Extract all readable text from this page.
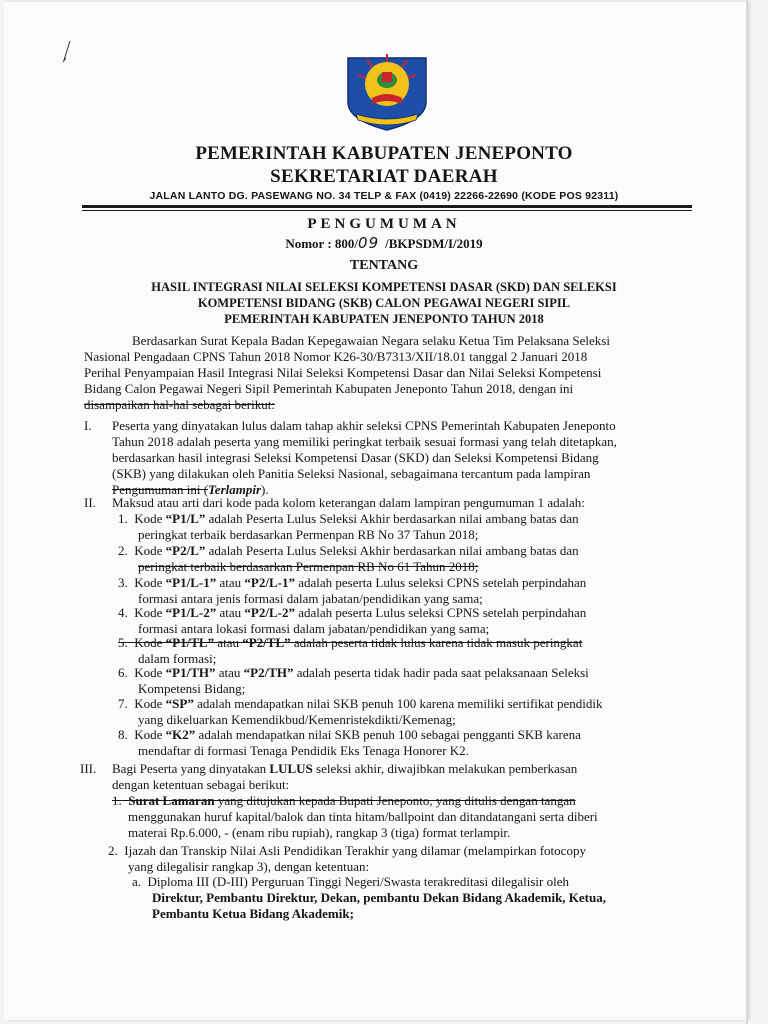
PEMERINTAH KABUPATEN JENEPONTO
SEKRETARIAT DAERAH
JALAN LANTO DG. PASEWANG NO. 34 TELP & FAX (0419) 22266-22690 (KODE POS 92311)
PENGUMUMAN
Nomor : 800/09 /BKPSDM/I/2019
TENTANG
HASIL INTEGRASI NILAI SELEKSI KOMPETENSI DASAR (SKD) DAN SELEKSI
KOMPETENSI BIDANG (SKB) CALON PEGAWAI NEGERI SIPIL
PEMERINTAH KABUPATEN JENEPONTO TAHUN 2018
Berdasarkan Surat Kepala Badan Kepegawaian Negara selaku Ketua Tim Pelaksana Seleksi
Nasional Pengadaan CPNS Tahun 2018 Nomor K26-30/B7313/XII/18.01 tanggal 2 Januari 2018
Perihal Penyampaian Hasil Integrasi Nilai Seleksi Kompetensi Dasar dan Nilai Seleksi Kompetensi
Bidang Calon Pegawai Negeri Sipil Pemerintah Kabupaten Jeneponto Tahun 2018, dengan ini
disampaikan hal-hal sebagai berikut:
I. Peserta yang dinyatakan lulus dalam tahap akhir seleksi CPNS Pemerintah Kabupaten Jeneponto
Tahun 2018 adalah peserta yang memiliki peringkat terbaik sesuai formasi yang telah ditetapkan,
berdasarkan hasil integrasi Seleksi Kompetensi Dasar (SKD) dan Seleksi Kompetensi Bidang
(SKB) yang dilakukan oleh Panitia Seleksi Nasional, sebagaimana tercantum pada lampiran
Pengumuman ini (Terlampir).
II. Maksud atau arti dari kode pada kolom keterangan dalam lampiran pengumuman 1 adalah:
1. Kode “P1/L” adalah Peserta Lulus Seleksi Akhir berdasarkan nilai ambang batas dan
peringkat terbaik berdasarkan Permenpan RB No 37 Tahun 2018;
2. Kode “P2/L” adalah Peserta Lulus Seleksi Akhir berdasarkan nilai ambang batas dan
peringkat terbaik berdasarkan Permenpan RB No 61 Tahun 2018;
3. Kode “P1/L-1” atau “P2/L-1” adalah peserta Lulus seleksi CPNS setelah perpindahan
formasi antara jenis formasi dalam jabatan/pendidikan yang sama;
4. Kode “P1/L-2” atau “P2/L-2” adalah peserta Lulus seleksi CPNS setelah perpindahan
formasi antara lokasi formasi dalam jabatan/pendidikan yang sama;
5. Kode “P1/TL” atau “P2/TL” adalah peserta tidak lulus karena tidak masuk peringkat
dalam formasi;
6. Kode “P1/TH” atau “P2/TH” adalah peserta tidak hadir pada saat pelaksanaan Seleksi
Kompetensi Bidang;
7. Kode “SP” adalah mendapatkan nilai SKB penuh 100 karena memiliki sertifikat pendidik
yang dikeluarkan Kemendikbud/Kemenristekdikti/Kemenag;
8. Kode “K2” adalah mendapatkan nilai SKB penuh 100 sebagai pengganti SKB karena
mendaftar di formasi Tenaga Pendidik Eks Tenaga Honorer K2.
III. Bagi Peserta yang dinyatakan LULUS seleksi akhir, diwajibkan melakukan pemberkasan
dengan ketentuan sebagai berikut:
1. Surat Lamaran yang ditujukan kepada Bupati Jeneponto, yang ditulis dengan tangan
menggunakan huruf kapital/balok dan tinta hitam/ballpoint dan ditandatangani serta diberi
materai Rp.6.000, - (enam ribu rupiah), rangkap 3 (tiga) format terlampir.
2. Ijazah dan Transkip Nilai Asli Pendidikan Terakhir yang dilamar (melampirkan fotocopy
yang dilegalisir rangkap 3), dengan ketentuan:
a. Diploma III (D-III) Perguruan Tinggi Negeri/Swasta terakreditasi dilegalisir oleh
Direktur, Pembantu Direktur, Dekan, pembantu Dekan Bidang Akademik, Ketua,
Pembantu Ketua Bidang Akademik;
